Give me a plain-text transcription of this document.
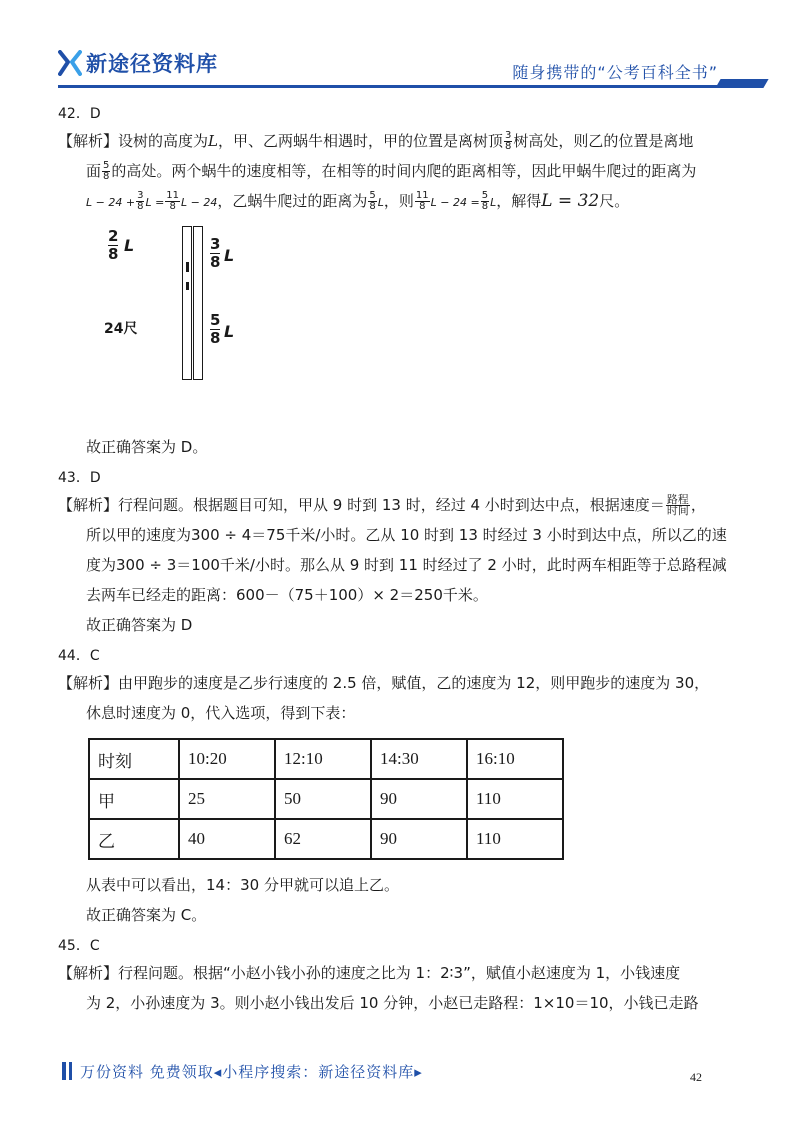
新途径资料库	随身携带的“公考百科全书”
42．D
【解析】设树的高度为L，甲、乙两蜗牛相遇时，甲的位置是离树顶 $\frac{3}{8}$ 树高处，则乙的位置是离地
面 $\frac{5}{8}$ 的高处。两个蜗牛的速度相等，在相等的时间内爬的距离相等，因此甲蜗牛爬过的距离为
$L - 24 + \frac{3}{8}$ $L = \frac{11}{8}$ L − 24，乙蜗牛爬过的距离为 $\frac{5}{8}$ L，则 $\frac{11}{8}$ $L - 24 = \frac{5}{8}$ L，解得L = 32尺。
$\frac{2}{8}$ L	$\frac{3}{8}$ L
24尺	$\frac{5}{8}$ L
故正确答案为 D。
43．D
【解析】行程问题。根据题目可知，甲从 9 时到 13 时，经过 4 小时到达中点，根据速度＝ $\frac{\text{路程}}{\text{时间}}$ ，
所以甲的速度为300 ÷ 4＝75千米/小时。乙从 10 时到 13 时经过 3 小时到达中点，所以乙的速
度为300 ÷ 3＝100千米/小时。那么从 9 时到 11 时经过了 2 小时，此时两车相距等于总路程减
去两车已经走的距离：600－（75＋100）× 2＝250千米。
故正确答案为 D
44．C
【解析】由甲跑步的速度是乙步行速度的 2.5 倍，赋值，乙的速度为 12，则甲跑步的速度为 30，
休息时速度为 0，代入选项，得到下表：
时刻	10:20	12:10	14:30	16:10
甲	25	50	90	110
乙	40	62	90	110
从表中可以看出，14：30 分甲就可以追上乙。
故正确答案为 C。
45．C
【解析】行程问题。根据“小赵小钱小孙的速度之比为 1：2∶3”，赋值小赵速度为 1，小钱速度
为 2，小孙速度为 3。则小赵小钱出发后 10 分钟，小赵已走路程：1×10＝10，小钱已走路
万份资料 免费领取◂小程序搜索：新途径资料库▸	42
